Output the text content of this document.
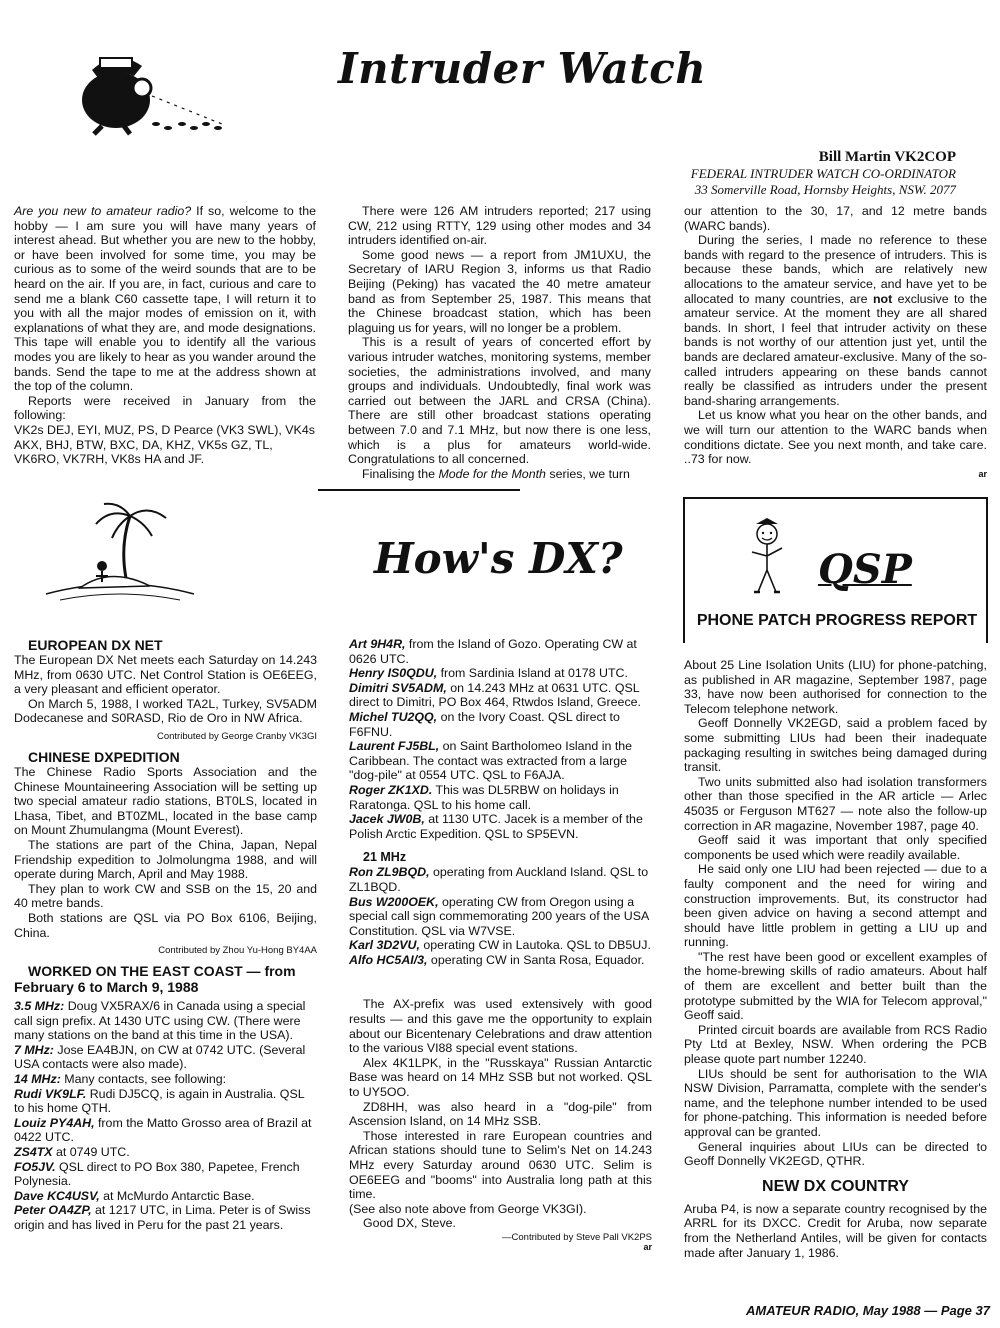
Intruder Watch
Bill Martin VK2COP
FEDERAL INTRUDER WATCH CO-ORDINATOR
33 Somerville Road, Hornsby Heights, NSW. 2077

Are you new to amateur radio? If so, welcome to the hobby — I am sure you will have many years of interest ahead. But whether you are new to the hobby, or have been involved for some time, you may be curious as to some of the weird sounds that are to be heard on the air. If you are, in fact, curious and care to send me a blank C60 cassette tape, I will return it to you with all the major modes of emission on it, with explanations of what they are, and mode designations. This tape will enable you to identify all the various modes you are likely to hear as you wander around the bands. Send the tape to me at the address shown at the top of the column.

Reports were received in January from the following:

VK2s DEJ, EYI, MUZ, PS, D Pearce (VK3 SWL), VK4s AKX, BHJ, BTW, BXC, DA, KHZ, VK5s GZ, TL, VK6RO, VK7RH, VK8s HA and JF.

There were 126 AM intruders reported; 217 using CW, 212 using RTTY, 129 using other modes and 34 intruders identified on-air.

Some good news — a report from JM1UXU, the Secretary of IARU Region 3, informs us that Radio Beijing (Peking) has vacated the 40 metre amateur band as from September 25, 1987. This means that the Chinese broadcast station, which has been plaguing us for years, will no longer be a problem.

This is a result of years of concerted effort by various intruder watches, monitoring systems, member societies, the administrations involved, and many groups and individuals. Undoubtedly, final work was carried out between the JARL and CRSA (China). There are still other broadcast stations operating between 7.0 and 7.1 MHz, but now there is one less, which is a plus for amateurs world-wide. Congratulations to all concerned.

Finalising the Mode for the Month series, we turn

our attention to the 30, 17, and 12 metre bands (WARC bands).

During the series, I made no reference to these bands with regard to the presence of intruders. This is because these bands, which are relatively new allocations to the amateur service, and have yet to be allocated to many countries, are not exclusive to the amateur service. At the moment they are all shared bands. In short, I feel that intruder activity on these bands is not worthy of our attention just yet, until the bands are declared amateur-exclusive. Many of the so-called intruders appearing on these bands cannot really be classified as intruders under the present band-sharing arrangements.

Let us know what you hear on the other bands, and we will turn our attention to the WARC bands when conditions dictate. See you next month, and take care. ..73 for now.

ar

How's DX?

EUROPEAN DX NET

The European DX Net meets each Saturday on 14.243 MHz, from 0630 UTC. Net Control Station is OE6EEG, a very pleasant and efficient operator.

On March 5, 1988, I worked TA2L, Turkey, SV5ADM Dodecanese and S0RASD, Rio de Oro in NW Africa.

Contributed by George Cranby VK3GI

CHINESE DXPEDITION

The Chinese Radio Sports Association and the Chinese Mountaineering Association will be setting up two special amateur radio stations, BT0LS, located in Lhasa, Tibet, and BT0ZML, located in the base camp on Mount Zhumulangma (Mount Everest).

The stations are part of the China, Japan, Nepal Friendship expedition to Jolmolungma 1988, and will operate during March, April and May 1988.

They plan to work CW and SSB on the 15, 20 and 40 metre bands.

Both stations are QSL via PO Box 6106, Beijing, China.

Contributed by Zhou Yu-Hong BY4AA

WORKED ON THE EAST COAST — from February 6 to March 9, 1988

3.5 MHz: Doug VX5RAX/6 in Canada using a special call sign prefix. At 1430 UTC using CW. (There were many stations on the band at this time in the USA).

7 MHz: Jose EA4BJN, on CW at 0742 UTC. (Several USA contacts were also made).

14 MHz: Many contacts, see following:

Rudi VK9LF. Rudi DJ5CQ, is again in Australia. QSL to his home QTH.

Louiz PY4AH, from the Matto Grosso area of Brazil at 0422 UTC.

ZS4TX at 0749 UTC.

FO5JV. QSL direct to PO Box 380, Papetee, French Polynesia.

Dave KC4USV, at McMurdo Antarctic Base.

Peter OA4ZP, at 1217 UTC, in Lima. Peter is of Swiss origin and has lived in Peru for the past 21 years.

Art 9H4R, from the Island of Gozo. Operating CW at 0626 UTC.

Henry IS0QDU, from Sardinia Island at 0178 UTC.

Dimitri SV5ADM, on 14.243 MHz at 0631 UTC. QSL direct to Dimitri, PO Box 464, Rtwdos Island, Greece.

Michel TU2QQ, on the Ivory Coast. QSL direct to F6FNU.

Laurent FJ5BL, on Saint Bartholomeo Island in the Caribbean. The contact was extracted from a large "dog-pile" at 0554 UTC. QSL to F6AJA.

Roger ZK1XD. This was DL5RBW on holidays in Raratonga. QSL to his home call.

Jacek JW0B, at 1130 UTC. Jacek is a member of the Polish Arctic Expedition. QSL to SP5EVN.

21 MHz

Ron ZL9BQD, operating from Auckland Island. QSL to ZL1BQD.

Bus W200OEK, operating CW from Oregon using a special call sign commemorating 200 years of the USA Constitution. QSL via W7VSE.

Karl 3D2VU, operating CW in Lautoka. QSL to DB5UJ.

Alfo HC5AI/3, operating CW in Santa Rosa, Equador.

The AX-prefix was used extensively with good results — and this gave me the opportunity to explain about our Bicentenary Celebrations and draw attention to the various VI88 special event stations.

Alex 4K1LPK, in the "Russkaya" Russian Antarctic Base was heard on 14 MHz SSB but not worked. QSL to UY5OO.

ZD8HH, was also heard in a "dog-pile" from Ascension Island, on 14 MHz SSB.

Those interested in rare European countries and African stations should tune to Selim's Net on 14.243 MHz every Saturday around 0630 UTC. Selim is OE6EEG and "booms" into Australia long path at this time.

(See also note above from George VK3GI).

Good DX, Steve.

—Contributed by Steve Pall VK2PS

ar

QSP
PHONE PATCH PROGRESS REPORT

About 25 Line Isolation Units (LIU) for phone-patching, as published in AR magazine, September 1987, page 33, have now been authorised for connection to the Telecom telephone network.

Geoff Donnelly VK2EGD, said a problem faced by some submitting LIUs had been their inadequate packaging resulting in switches being damaged during transit.

Two units submitted also had isolation transformers other than those specified in the AR article — Arlec 45035 or Ferguson MT627 — note also the follow-up correction in AR magazine, November 1987, page 40.

Geoff said it was important that only specified components be used which were readily available.

He said only one LIU had been rejected — due to a faulty component and the need for wiring and construction improvements. But, its constructor had been given advice on having a second attempt and should have little problem in getting a LIU up and running.

"The rest have been good or excellent examples of the home-brewing skills of radio amateurs. About half of them are excellent and better built than the prototype submitted by the WIA for Telecom approval," Geoff said.

Printed circuit boards are available from RCS Radio Pty Ltd at Bexley, NSW. When ordering the PCB please quote part number 12240.

LIUs should be sent for authorisation to the WIA NSW Division, Parramatta, complete with the sender's name, and the telephone number intended to be used for phone-patching. This information is needed before approval can be granted.

General inquiries about LIUs can be directed to Geoff Donnelly VK2EGD, QTHR.

NEW DX COUNTRY

Aruba P4, is now a separate country recognised by the ARRL for its DXCC. Credit for Aruba, now separate from the Netherland Antiles, will be given for contacts made after January 1, 1986.

AMATEUR RADIO, May 1988 — Page 37
